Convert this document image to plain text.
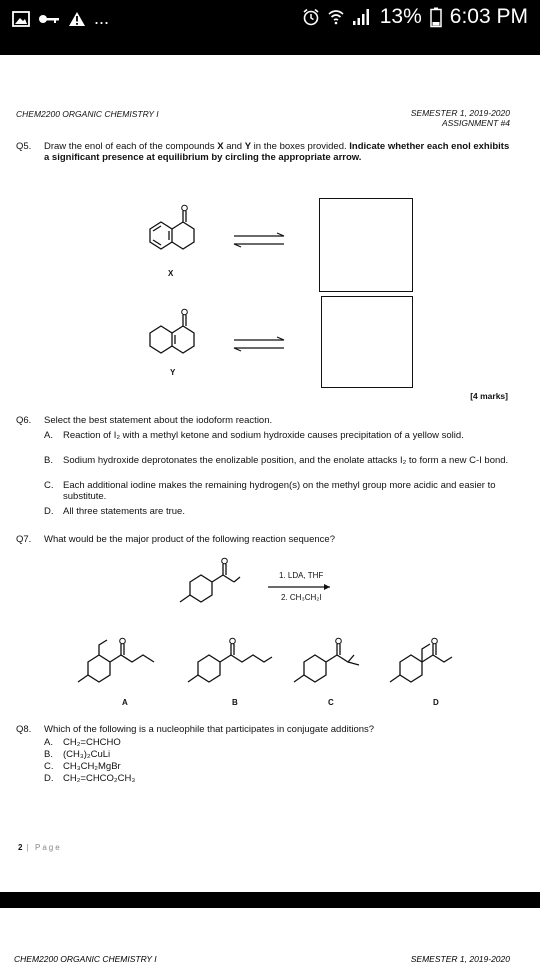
...	13% 6:03 PM
CHEM2200 ORGANIC CHEMISTRY I	SEMESTER 1, 2019-2020
ASSIGNMENT #4
Q5. Draw the enol of each of the compounds X and Y in the boxes provided. Indicate whether each enol exhibits a significant presence at equilibrium by circling the appropriate arrow.
X
Y
[4 marks]
Q6. Select the best statement about the iodoform reaction.
A. Reaction of I₂ with a methyl ketone and sodium hydroxide causes precipitation of a yellow solid.
B. Sodium hydroxide deprotonates the enolizable position, and the enolate attacks I₂ to form a new C-I bond.
C. Each additional iodine makes the remaining hydrogen(s) on the methyl group more acidic and easier to substitute.
D. All three statements are true.
Q7. What would be the major product of the following reaction sequence?
1. LDA, THF
2. CH₃CH₂I
A	B	C	D
Q8. Which of the following is a nucleophile that participates in conjugate additions?
A. CH₂=CHCHO
B. (CH₃)₂CuLi
C. CH₃CH₂MgBr
D. CH₂=CHCO₂CH₃
2 | Page
CHEM2200 ORGANIC CHEMISTRY I	SEMESTER 1, 2019-2020
